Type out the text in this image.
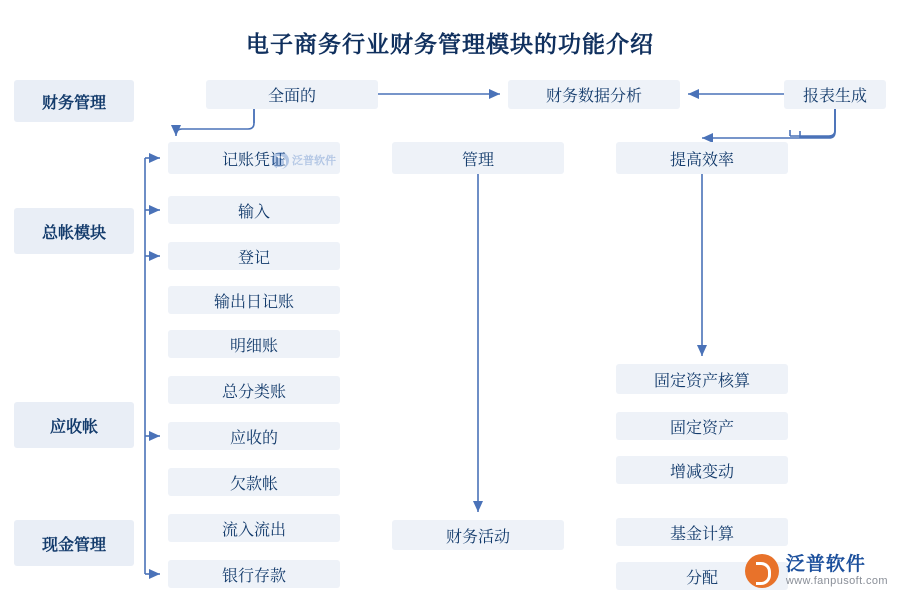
电子商务行业财务管理模块的功能介绍
财务管理
总帐模块
应收帐
现金管理
全面的	财务数据分析	报表生成
记账凭证	管理	提高效率
输入
登记
输出日记账
明细账
总分类账
应收的
欠款帐
流入流出
银行存款
财务活动
固定资产核算
固定资产
增减变动
基金计算
分配
泛普软件
泛普软件
www.fanpusoft.com
